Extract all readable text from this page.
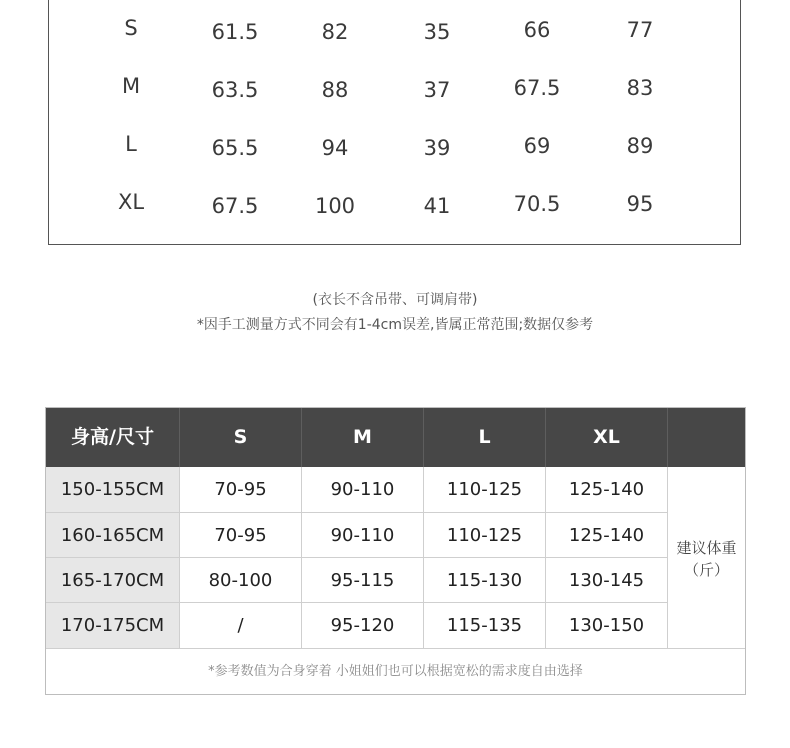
S	61.5	82	35	66	77
M	63.5	88	37	67.5	83
L	65.5	94	39	69	89
XL	67.5	100	41	70.5	95
(衣长不含吊带、可调肩带)
*因手工测量方式不同会有1-4cm误差,皆属正常范围;数据仅参考
身高/尺寸	S	M	L	XL
150-155CM	70-95	90-110	110-125	125-140
160-165CM	70-95	90-110	110-125	125-140
165-170CM	80-100	95-115	115-130	130-145
170-175CM	/	95-120	115-135	130-150
建议体重
（斤）
*参考数值为合身穿着 小姐姐们也可以根据宽松的需求度自由选择
